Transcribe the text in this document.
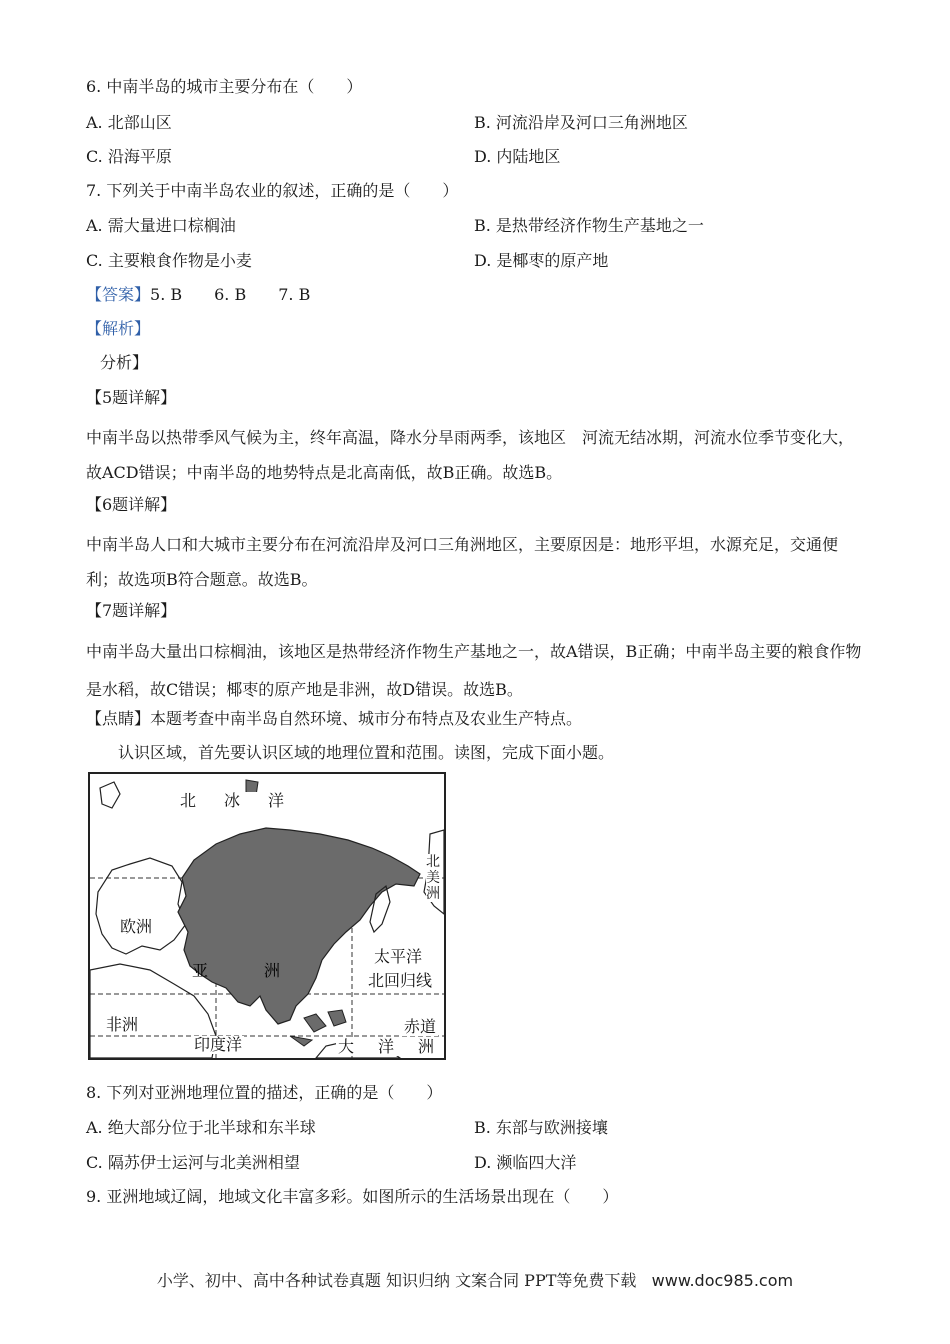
6. 中南半岛的城市主要分布在（　　）
A. 北部山区	B. 河流沿岸及河口三角洲地区
C. 沿海平原	D. 内陆地区
7. 下列关于中南半岛农业的叙述，正确的是（　　）
A. 需大量进口棕榈油	B. 是热带经济作物生产基地之一
C. 主要粮食作物是小麦	D. 是椰枣的原产地
【答案】5. B　　6. B　　7. B
【解析】
分析】
【5题详解】
中南半岛以热带季风气候为主，终年高温，降水分旱雨两季，该地区　河流无结冰期，河流水位季节变化大，故ACD错误；中南半岛的地势特点是北高南低，故B正确。故选B。
【6题详解】
中南半岛人口和大城市主要分布在河流沿岸及河口三角洲地区，主要原因是：地形平坦，水源充足，交通便利；故选项B符合题意。故选B。
【7题详解】
中南半岛大量出口棕榈油，该地区是热带经济作物生产基地之一，故A错误，B正确；中南半岛主要的粮食作物是水稻，故C错误；椰枣的原产地是非洲，故D错误。故选B。
【点睛】本题考查中南半岛自然环境、城市分布特点及农业生产特点。
认识区域，首先要认识区域的地理位置和范围。读图，完成下面小题。
北　冰　洋
欧洲
亚	洲
太平洋
北回归线
非洲	赤道
印度洋	大　洋　洲
北美洲
8. 下列对亚洲地理位置的描述，正确的是（　　）
A. 绝大部分位于北半球和东半球	B. 东部与欧洲接壤
C. 隔苏伊士运河与北美洲相望	D. 濒临四大洋
9. 亚洲地域辽阔，地域文化丰富多彩。如图所示的生活场景出现在（　　）
小学、初中、高中各种试卷真题 知识归纳 文案合同 PPT等免费下载 www.doc985.com
